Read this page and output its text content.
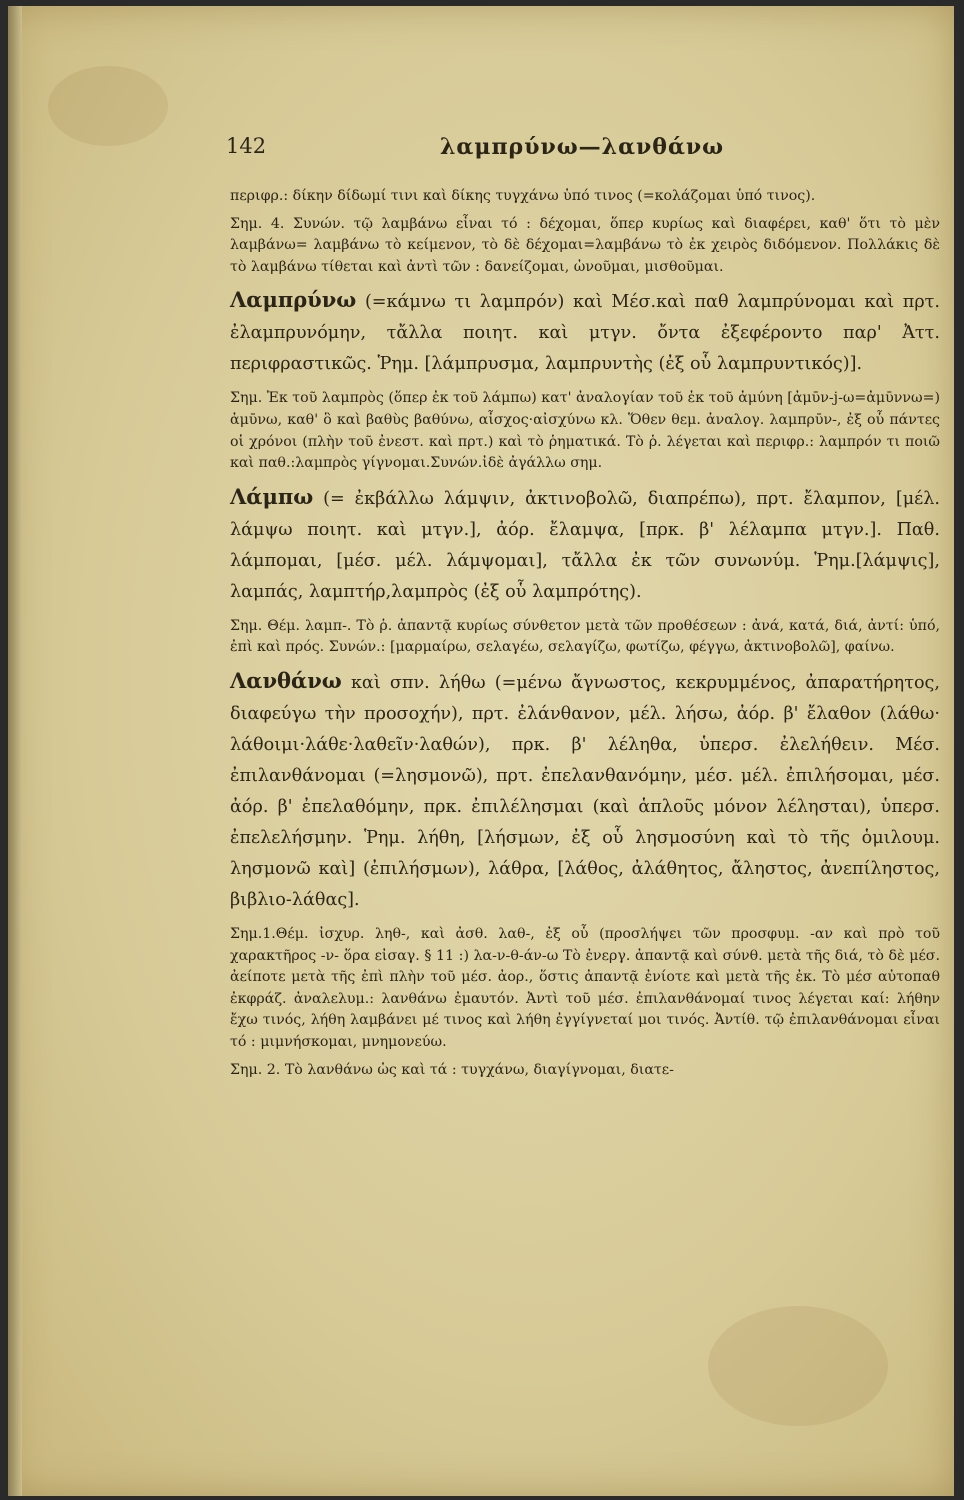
142	λαμπρύνω—λανθάνω

περιφρ.: δίκην δίδωμί τινι καὶ δίκης τυγχάνω ὑπό τινος (=κολάζομαι ὑπό τινος).

Σημ. 4. Συνών. τῷ λαμβάνω εἶναι τό : δέχομαι, ὅπερ κυρίως καὶ διαφέρει, καθ' ὅτι τὸ μὲν λαμβάνω= λαμβάνω τὸ κείμενον, τὸ δὲ δέχομαι=λαμβάνω τὸ ἐκ χειρὸς διδόμενον. Πολλάκις δὲ τὸ λαμβάνω τίθεται καὶ ἀντὶ τῶν : δανείζομαι, ὠνοῦμαι, μισθοῦμαι.

Λαμπρύνω (=κάμνω τι λαμπρόν) καὶ Μέσ.καὶ παθ λαμπρύνομαι καὶ πρτ. ἐλαμπρυνόμην, τἄλλα ποιητ. καὶ μτγν. ὄντα ἐξεφέροντο παρ' Ἀττ. περιφραστικῶς. Ῥημ. [λάμπρυσμα, λαμπρυντὴς (ἐξ οὗ λαμπρυντικός)].

Σημ. Ἐκ τοῦ λαμπρὸς (ὅπερ ἐκ τοῦ λάμπω) κατ' ἀναλογίαν τοῦ ἐκ τοῦ ἀμύνη [ἀμῡν-j-ω=ἀμῡννω=) ἀμῡνω, καθ' ὃ καὶ βαθὺς βαθύνω, αἶσχος·αἰσχύνω κλ. Ὅθεν θεμ. ἀναλογ. λαμπρῡν-, ἐξ οὗ πάντες οἱ χρόνοι (πλὴν τοῦ ἐνεστ. καὶ πρτ.) καὶ τὸ ῥηματικά. Τὸ ῥ. λέγεται καὶ περιφρ.: λαμπρόν τι ποιῶ καὶ παθ.:λαμπρὸς γίγνομαι.Συνών.ἰδὲ ἀγάλλω σημ.

Λάμπω (= ἐκβάλλω λάμψιν, ἀκτινοβολῶ, διαπρέπω), πρτ. ἔλαμπον, [μέλ. λάμψω ποιητ. καὶ μτγν.], ἀόρ. ἔλαμψα, [πρκ. β' λέλαμπα μτγν.]. Παθ. λάμπομαι, [μέσ. μέλ. λάμψομαι], τἄλλα ἐκ τῶν συνωνύμ. Ῥημ.[λάμψις], λαμπάς, λαμπτήρ,λαμπρὸς (ἐξ οὗ λαμπρότης).

Σημ. Θέμ. λαμπ-. Τὸ ῥ. ἀπαντᾷ κυρίως σύνθετον μετὰ τῶν προθέσεων : ἀνά, κατά, διά, ἀντί: ὑπό, ἐπὶ καὶ πρός. Συνών.: [μαρμαίρω, σελαγέω, σελαγίζω, φωτίζω, φέγγω, ἀκτινοβολῶ], φαίνω.

Λανθάνω καὶ σπν. λήθω (=μένω ἄγνωστος, κεκρυμμένος, ἀπαρατήρητος, διαφεύγω τὴν προσοχήν), πρτ. ἐλάνθανον, μέλ. λήσω, ἀόρ. β' ἔλαθον (λάθω· λάθοιμι·λάθε·λαθεῖν·λαθών), πρκ. β' λέληθα, ὑπερσ. ἐλελήθειν. Μέσ. ἐπιλανθάνομαι (=λησμονῶ), πρτ. ἐπελανθανόμην, μέσ. μέλ. ἐπιλήσομαι, μέσ. ἀόρ. β' ἐπελαθόμην, πρκ. ἐπιλέλησμαι (καὶ ἁπλοῦς μόνον λέλησται), ὑπερσ. ἐπελελήσμην. Ῥημ. λήθη, [λήσμων, ἐξ οὗ λησμοσύνη καὶ τὸ τῆς ὁμιλουμ. λησμονῶ καὶ] (ἐπιλήσμων), λάθρα, [λάθος, ἀλάθητος, ἄληστος, ἀνεπίληστος, βιβλιο-λάθας].

Σημ.1.Θέμ. ἰσχυρ. ληθ-, καὶ ἀσθ. λαθ-, ἐξ οὗ (προσλήψει τῶν προσφυμ. -αν καὶ πρὸ τοῦ χαρακτῆρος -ν- ὅρα εἰσαγ. § 11 :) λα-ν-θ-άν-ω Τὸ ἐνεργ. ἀπαντᾷ καὶ σύνθ. μετὰ τῆς διά, τὸ δὲ μέσ. ἀείποτε μετὰ τῆς ἐπὶ πλὴν τοῦ μέσ. ἀορ., ὅστις ἀπαντᾷ ἐνίοτε καὶ μετὰ τῆς ἐκ. Τὸ μέσ αὐτοπαθ ἐκφράζ. ἀναλελυμ.: λανθάνω ἐμαυτόν. Ἀντὶ τοῦ μέσ. ἐπιλανθάνομαί τινος λέγεται καί: λήθην ἔχω τινός, λήθη λαμβάνει μέ τινος καὶ λήθη ἐγγίγνεταί μοι τινός. Ἀντίθ. τῷ ἐπιλανθάνομαι εἶναι τό : μιμνήσκομαι, μνημονεύω.

Σημ. 2. Τὸ λανθάνω ὡς καὶ τά : τυγχάνω, διαγίγνομαι, διατε-
